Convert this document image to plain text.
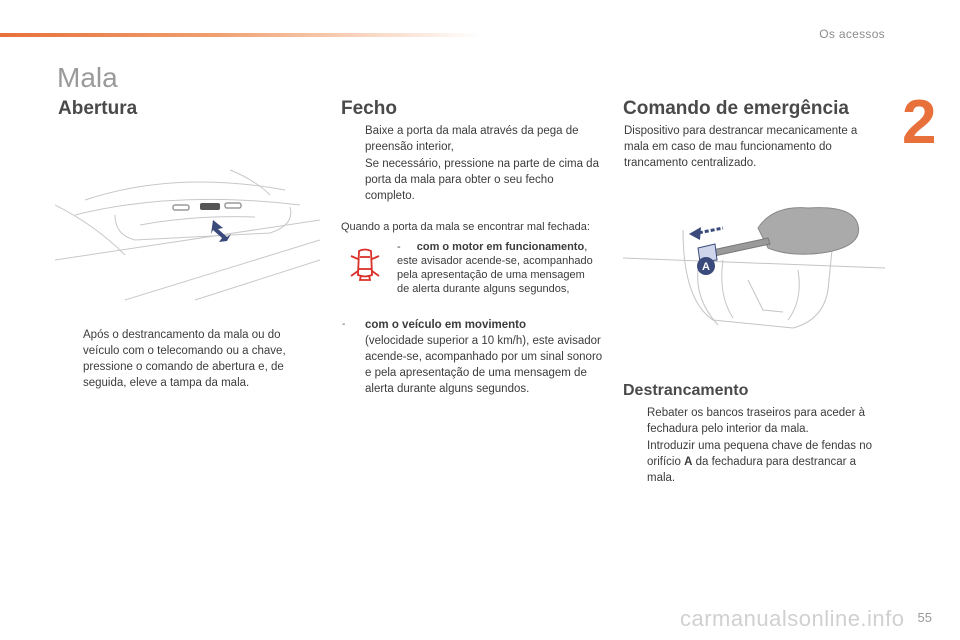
Os acessos
2
Mala
Abertura
Após o destrancamento da mala ou do veículo com o telecomando ou a chave, pressione o comando de abertura e, de seguida, eleve a tampa da mala.
Fecho
Baixe a porta da mala através da pega de preensão interior,
Se necessário, pressione na parte de cima da porta da mala para obter o seu fecho completo.
Quando a porta da mala se encontrar mal fechada:
- com o motor em funcionamento, este avisador acende-se, acompanhado pela apresentação de uma mensagem de alerta durante alguns segundos,
- com o veículo em movimento
(velocidade superior a 10 km/h), este avisador acende-se, acompanhado por um sinal sonoro e pela apresentação de uma mensagem de alerta durante alguns segundos.
Comando de emergência
Dispositivo para destrancar mecanicamente a mala em caso de mau funcionamento do trancamento centralizado.
A
Destrancamento
Rebater os bancos traseiros para aceder à fechadura pelo interior da mala.
Introduzir uma pequena chave de fendas no orifício A da fechadura para destrancar a mala.
carmanualsonline.info 55
